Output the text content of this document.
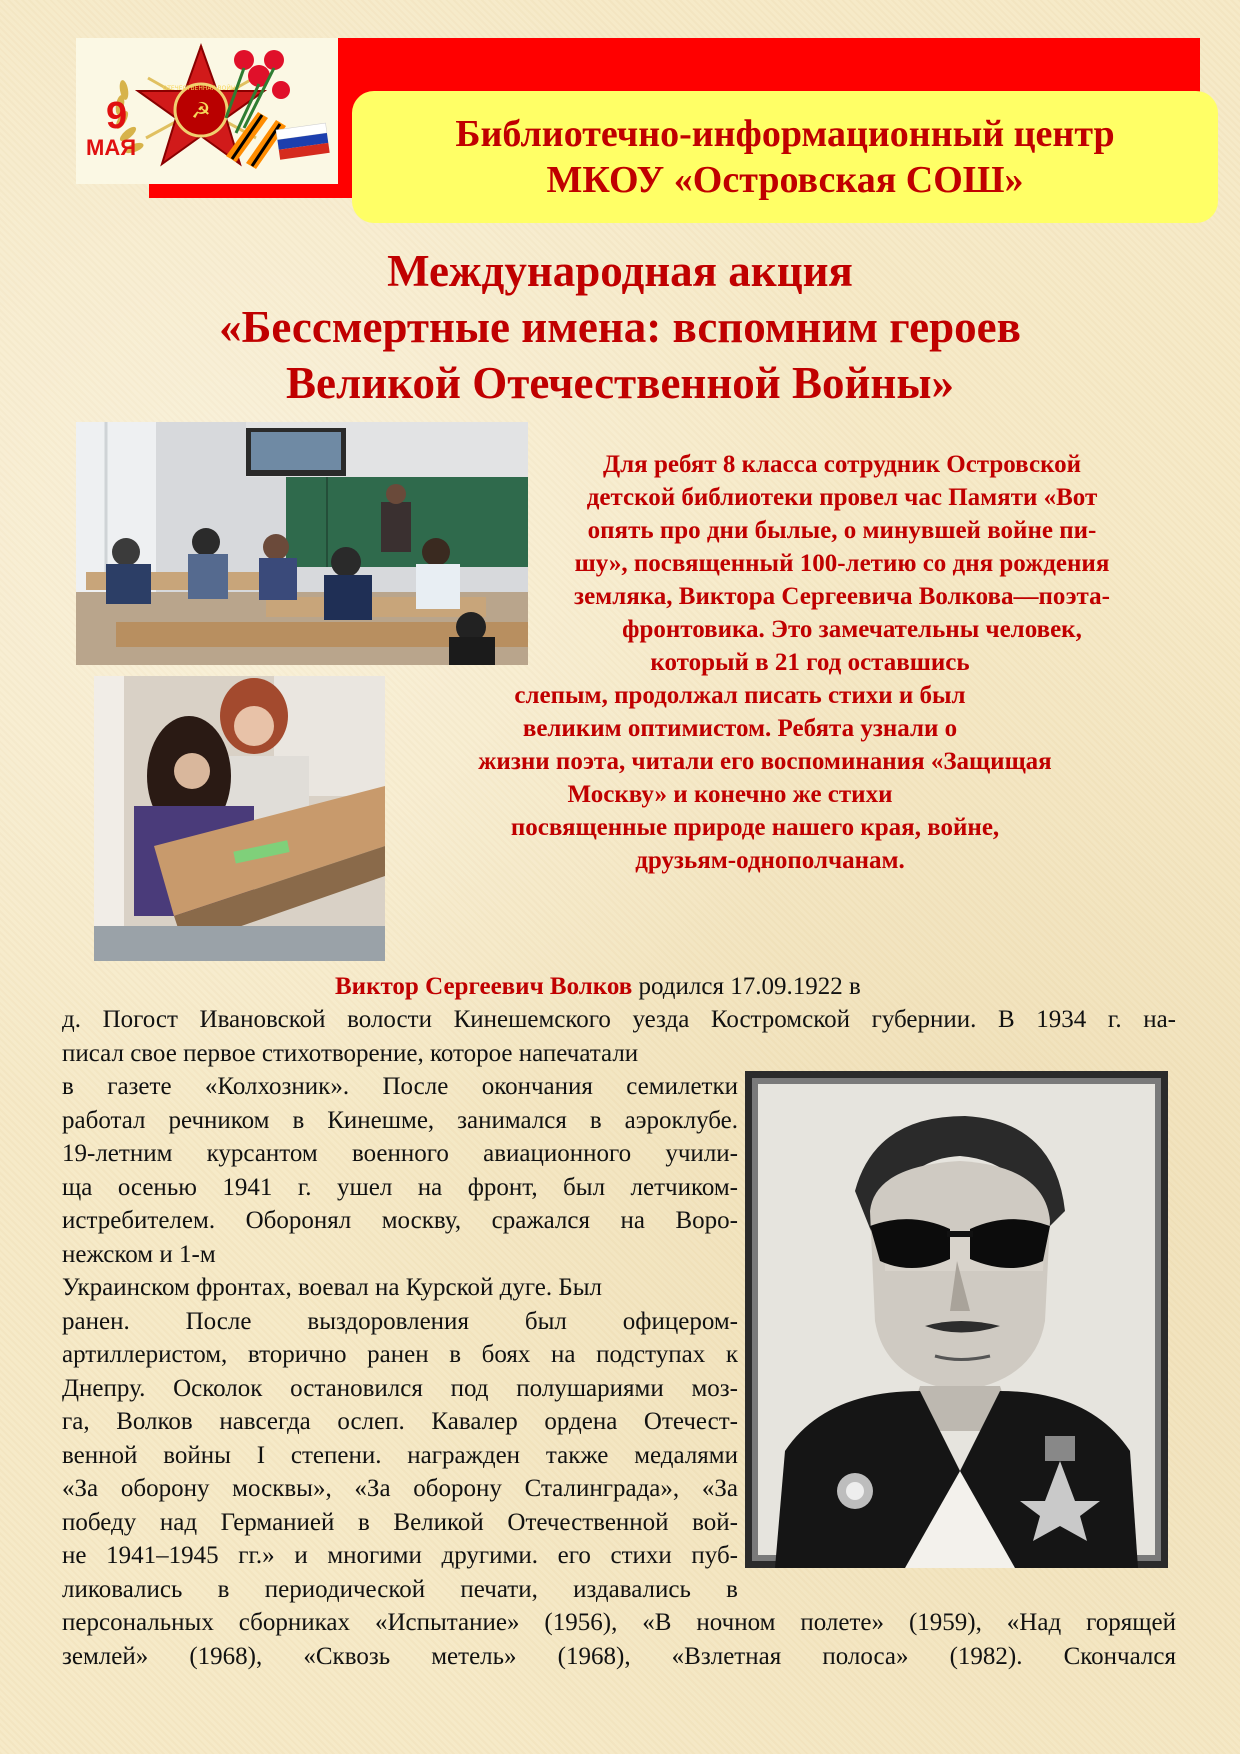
☭
ОТЕЧЕСТВЕННАЯ ВОЙНА
9
МАЯ	Библиотечно-информационный центр
МКОУ «Островская СОШ»
Международная акция
«Бессмертные имена: вспомним героев
Великой Отечественной Войны»

Для ребят 8 класса сотрудник Островской

детской библиотеки провел час Памяти «Вот

опять про дни былые, о минувшей войне пи-

шу», посвященный 100-летию со дня рождения

земляка, Виктора Сергеевича Волкова—поэта-

фронтовика. Это замечательны человек,

который в 21 год оставшись

слепым, продолжал писать стихи и был

великим оптимистом. Ребята узнали о

жизни поэта, читали его воспоминания «Защищая

Москву» и конечно же стихи

посвященные природе нашего края, войне,

друзьям-однополчанам.

Виктор Сергеевич Волков родился 17.09.1922 в

д. Погост Ивановской волости Кинешемского уезда Костромской губернии. В 1934 г. на-

писал свое первое стихотворение, которое напечатали

в газете «Колхозник». После окончания семилетки

работал речником в Кинешме, занимался в аэроклубе.

19-летним курсантом военного авиационного учили-

ща осенью 1941 г. ушел на фронт, был летчиком-

истребителем. Оборонял москву, сражался на Воро-

нежском и 1-м

Украинском фронтах, воевал на Курской дуге. Был

ранен. После выздоровления был офицером-

артиллеристом, вторично ранен в боях на подступах к

Днепру. Осколок остановился под полушариями моз-

га, Волков навсегда ослеп. Кавалер ордена Отечест-

венной войны I степени. награжден также медалями

«За оборону москвы», «За оборону Сталинграда», «За

победу над Германией в Великой Отечественной вой-

не 1941–1945 гг.» и многими другими. его стихи пуб-

ликовались в периодической печати, издавались в

персональных сборниках «Испытание» (1956), «В ночном полете» (1959), «Над горящей

землей» (1968), «Сквозь метель» (1968), «Взлетная полоса» (1982). Скончался
